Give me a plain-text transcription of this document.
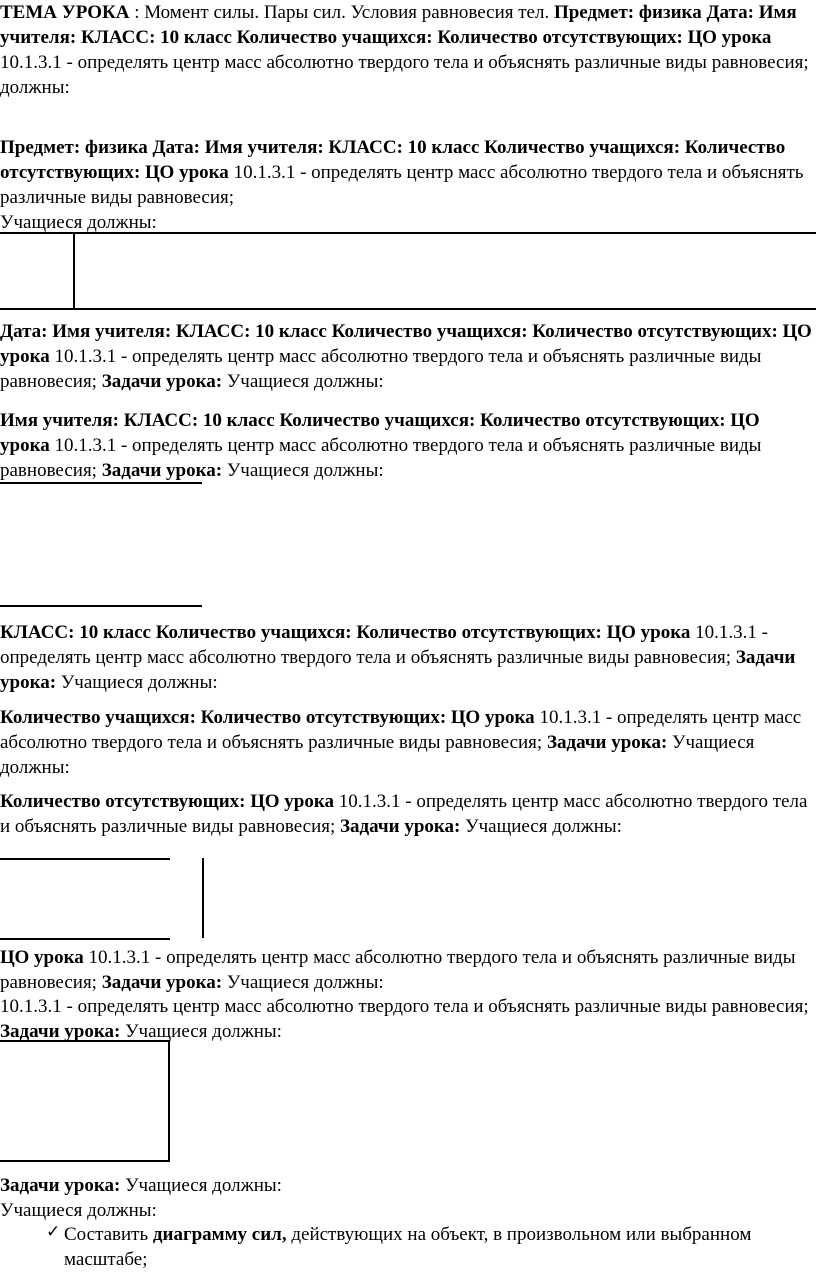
ТЕМА УРОКА : Момент силы. Пары сил. Условия равновесия тел. Предмет: физика Дата: Имя учителя: КЛАСС: 10 класс Количество учащихся: Количество отсутствующих: ЦО урока 10.1.3.1 - определять центр масс абсолютно твердого тела и объяснять различные виды равновесия;
должны:
Предмет: физика Дата: Имя учителя: КЛАСС: 10 класс Количество учащихся: Количество отсутствующих: ЦО урока 10.1.3.1 - определять центр масс абсолютно твердого тела и объяснять различные виды равновесия;
Учащиеся должны:
Дата: Имя учителя: КЛАСС: 10 класс Количество учащихся: Количество отсутствующих: ЦО урока 10.1.3.1 - определять центр масс абсолютно твердого тела и объяснять различные виды равновесия; Задачи урока: Учащиеся должны:
Имя учителя: КЛАСС: 10 класс Количество учащихся: Количество отсутствующих: ЦО урока 10.1.3.1 - определять центр масс абсолютно твердого тела и объяснять различные виды равновесия; Задачи урока: Учащиеся должны:
КЛАСС: 10 класс Количество учащихся: Количество отсутствующих: ЦО урока 10.1.3.1 - определять центр масс абсолютно твердого тела и объяснять различные виды равновесия; Задачи урока: Учащиеся должны:
Количество учащихся: Количество отсутствующих: ЦО урока 10.1.3.1 - определять центр масс абсолютно твердого тела и объяснять различные виды равновесия; Задачи урока: Учащиеся должны:
Количество отсутствующих: ЦО урока 10.1.3.1 - определять центр масс абсолютно твердого тела и объяснять различные виды равновесия; Задачи урока: Учащиеся должны:
ЦО урока 10.1.3.1 - определять центр масс абсолютно твердого тела и объяснять различные виды равновесия; Задачи урока: Учащиеся должны:
10.1.3.1 - определять центр масс абсолютно твердого тела и объяснять различные виды равновесия; Задачи урока: Учащиеся должны:
Задачи урока: Учащиеся должны:
Учащиеся должны:
✓ Составить диаграмму сил, действующих на объект, в произвольном или выбранном масштабе;
